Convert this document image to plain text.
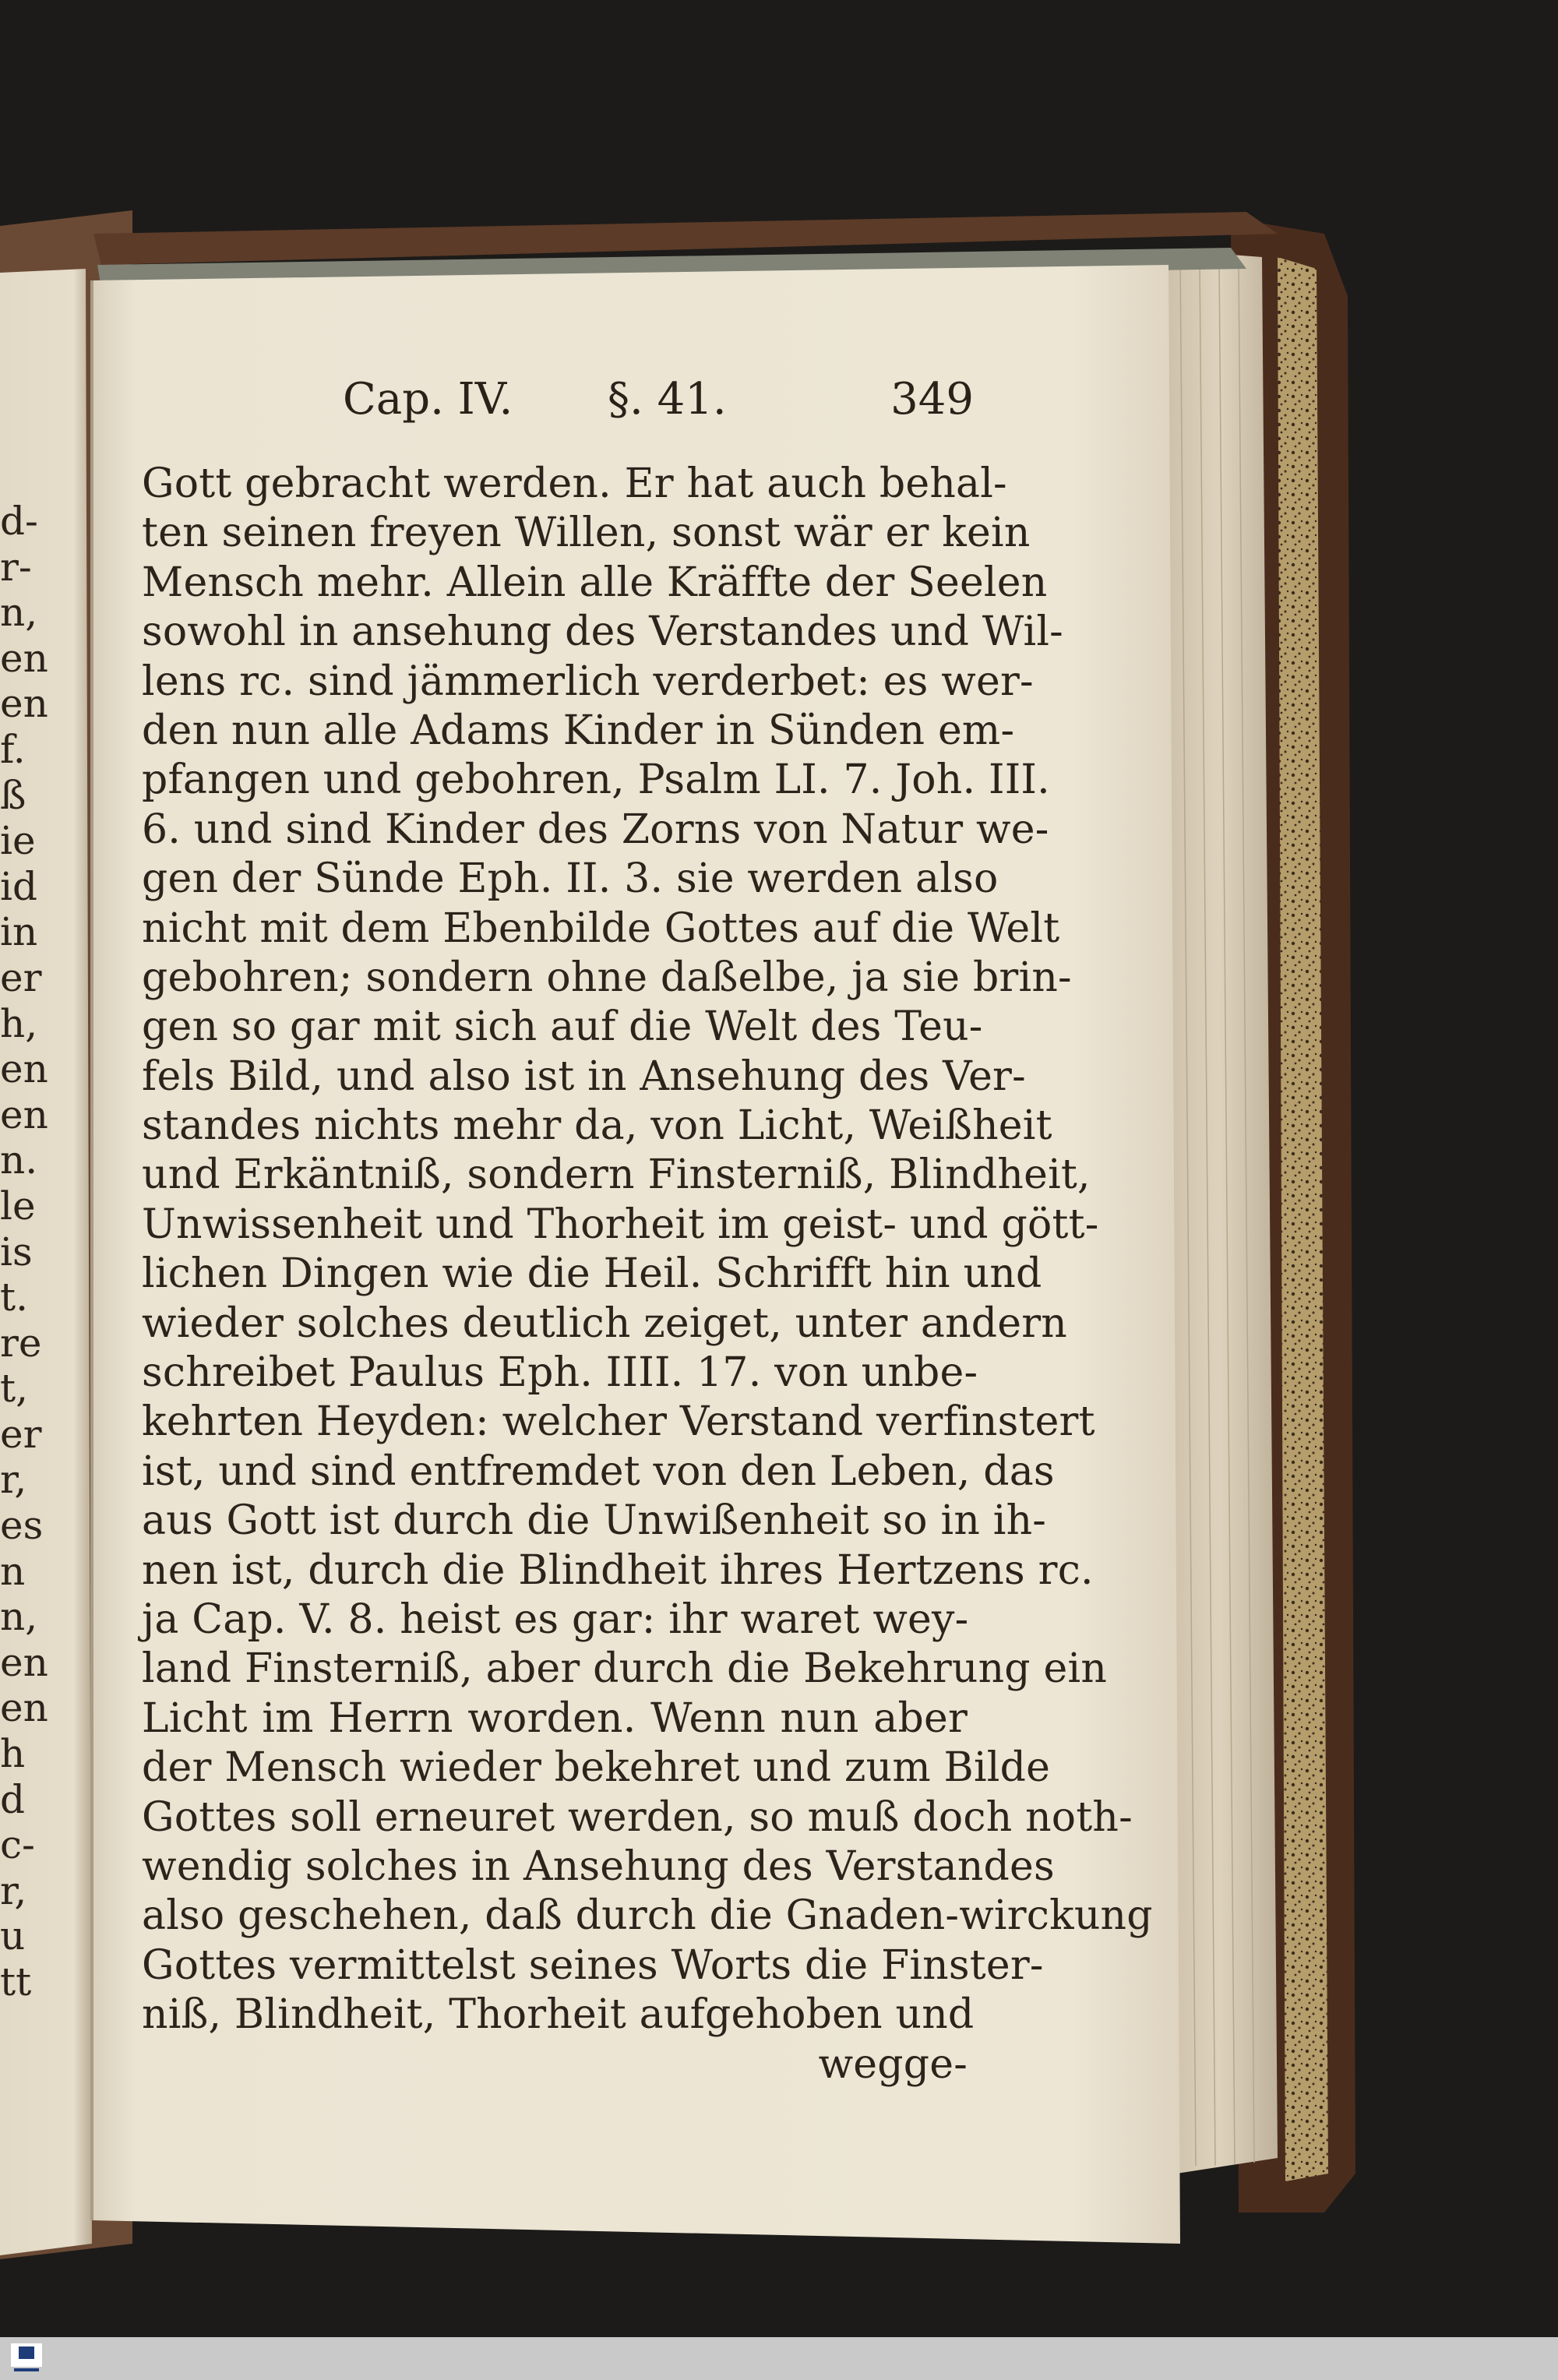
d-
r-
n,
en
en
f.
ß
ie
id
in
er
h,
en
en
n.
le
is
t.
re
t,
er
r,
es
n
n,
en
en
h
d
c-
r,
u
tt
Cap. IV. §. 41.	349
Gott gebracht werden. Er hat auch behal-
ten seinen freyen Willen, sonst wär er kein
Mensch mehr. Allein alle Kräffte der Seelen
sowohl in ansehung des Verstandes und Wil-
lens rc. sind jämmerlich verderbet: es wer-
den nun alle Adams Kinder in Sünden em-
pfangen und gebohren, Psalm LI. 7. Joh. III.
6. und sind Kinder des Zorns von Natur we-
gen der Sünde Eph. II. 3. sie werden also
nicht mit dem Ebenbilde Gottes auf die Welt
gebohren; sondern ohne daßelbe, ja sie brin-
gen so gar mit sich auf die Welt des Teu-
fels Bild, und also ist in Ansehung des Ver-
standes nichts mehr da, von Licht, Weißheit
und Erkäntniß, sondern Finsterniß, Blindheit,
Unwissenheit und Thorheit im geist- und gött-
lichen Dingen wie die Heil. Schrifft hin und
wieder solches deutlich zeiget, unter andern
schreibet Paulus Eph. IIII. 17. von unbe-
kehrten Heyden: welcher Verstand verfinstert
ist, und sind entfremdet von den Leben, das
aus Gott ist durch die Unwißenheit so in ih-
nen ist, durch die Blindheit ihres Hertzens rc.
ja Cap. V. 8. heist es gar: ihr waret wey-
land Finsterniß, aber durch die Bekehrung ein
Licht im Herrn worden. Wenn nun aber
der Mensch wieder bekehret und zum Bilde
Gottes soll erneuret werden, so muß doch noth-
wendig solches in Ansehung des Verstandes
also geschehen, daß durch die Gnaden-wirckung
Gottes vermittelst seines Worts die Finster-
niß, Blindheit, Thorheit aufgehoben und
wegge-
